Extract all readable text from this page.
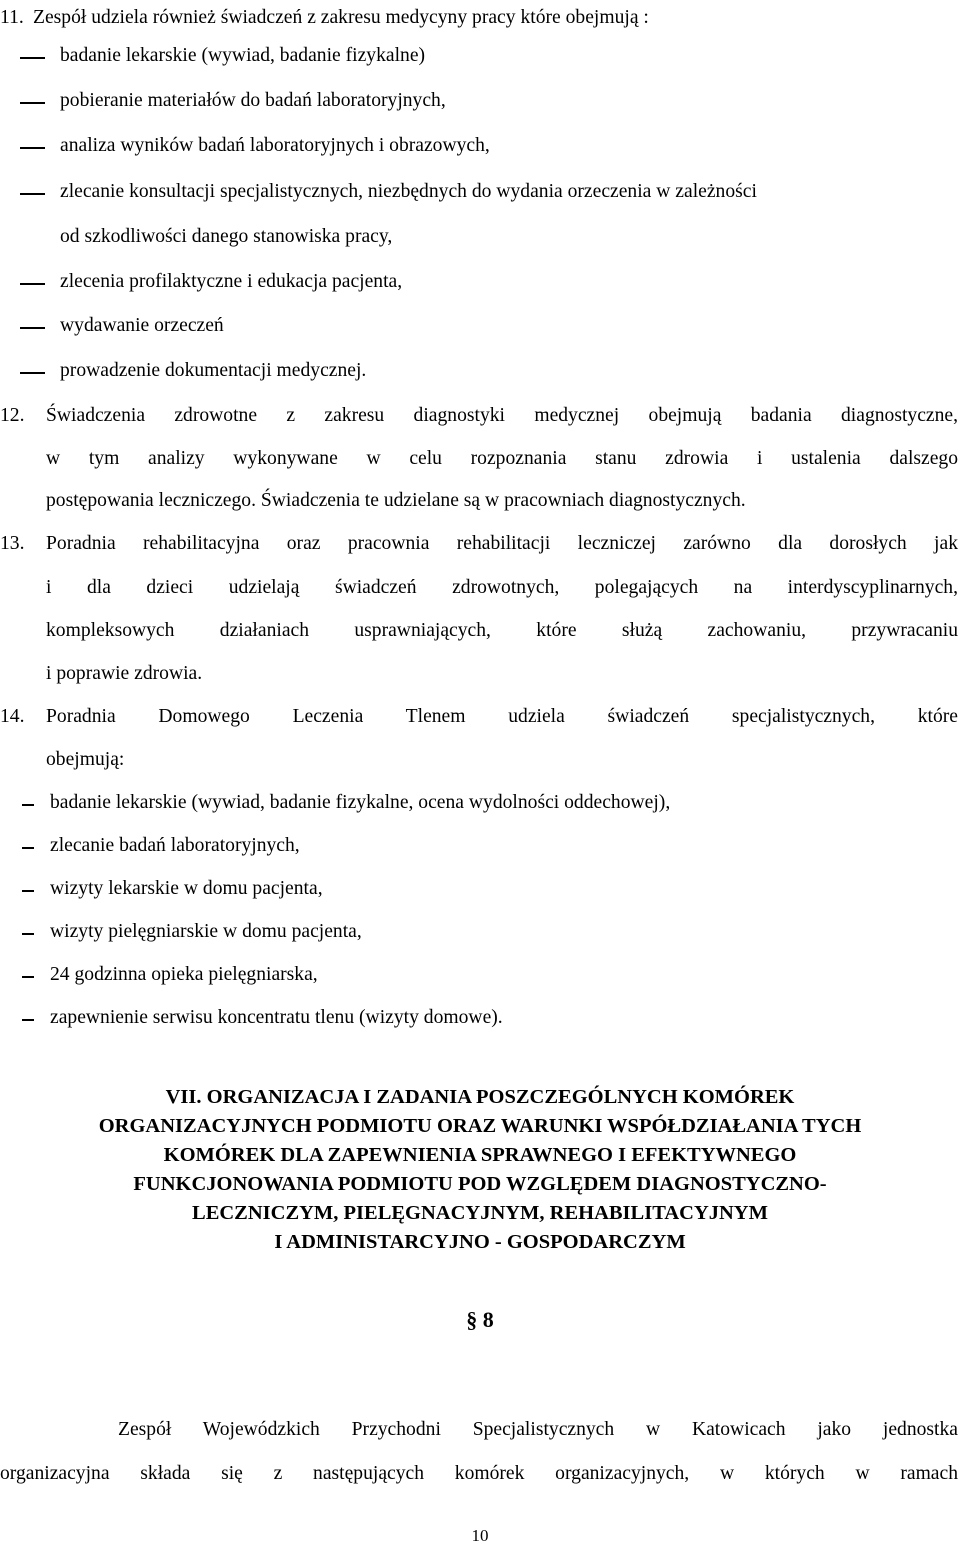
11. Zespół udziela również świadczeń z zakresu medycyny pracy które obejmują :
badanie lekarskie (wywiad, badanie fizykalne)
pobieranie materiałów do badań laboratoryjnych,
analiza wyników badań laboratoryjnych i obrazowych,
zlecanie konsultacji specjalistycznych, niezbędnych do wydania orzeczenia w zależności
od szkodliwości danego stanowiska pracy,
zlecenia profilaktyczne i edukacja pacjenta,
wydawanie orzeczeń
prowadzenie dokumentacji medycznej.
12. Świadczenia zdrowotne z zakresu diagnostyki medycznej obejmują badania diagnostyczne,
w tym analizy wykonywane w celu rozpoznania stanu zdrowia i ustalenia dalszego
postępowania leczniczego. Świadczenia te udzielane są w pracowniach diagnostycznych.
13. Poradnia rehabilitacyjna oraz pracownia rehabilitacji leczniczej zarówno dla dorosłych jak
i dla dzieci udzielają świadczeń zdrowotnych, polegających na interdyscyplinarnych,
kompleksowych działaniach usprawniających, które służą zachowaniu, przywracaniu
i poprawie zdrowia.
14. Poradnia Domowego Leczenia Tlenem udziela świadczeń specjalistycznych, które
obejmują:
badanie lekarskie (wywiad, badanie fizykalne, ocena wydolności oddechowej),
zlecanie badań laboratoryjnych,
wizyty lekarskie w domu pacjenta,
wizyty pielęgniarskie w domu pacjenta,
24 godzinna opieka pielęgniarska,
zapewnienie serwisu koncentratu tlenu (wizyty domowe).
VII. ORGANIZACJA I ZADANIA POSZCZEGÓLNYCH KOMÓREK
ORGANIZACYJNYCH PODMIOTU ORAZ WARUNKI WSPÓŁDZIAŁANIA TYCH
KOMÓREK DLA ZAPEWNIENIA SPRAWNEGO I EFEKTYWNEGO
FUNKCJONOWANIA PODMIOTU POD WZGLĘDEM DIAGNOSTYCZNO-
LECZNICZYM, PIELĘGNACYJNYM, REHABILITACYJNYM
I ADMINISTARCYJNO - GOSPODARCZYM
§ 8
Zespół Wojewódzkich Przychodni Specjalistycznych w Katowicach jako jednostka
organizacyjna składa się z następujących komórek organizacyjnych, w których w ramach
10
